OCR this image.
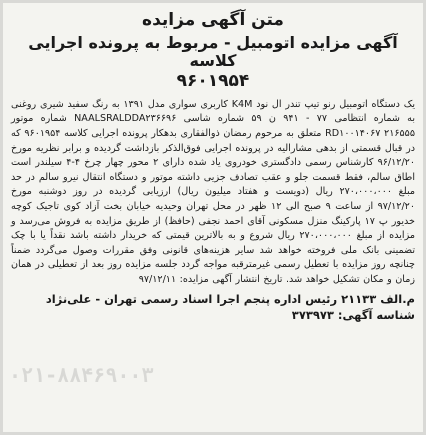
متن آگهی مزایده

آگهی مزایده اتومبیل - مربوط به پرونده اجرایی کلاسه

۹۶۰۱۹۵۴

یک دستگاه اتومبیل رنو تیپ تندر ال نود K4M کاربری سواری مدل ۱۳۹۱ به رنگ سفید شیری روغنی به شماره انتظامی ۷۷ - ۹۴۱ ن ۵۹ شماره شاسی NAALSRALDDA۲۳۶۶۹۶ شماره موتور RD۱۰۰۱۴۰۶۷ ۲۱۶۵۵۵ متعلق به مرحوم رمضان ذوالفقاری بدهکار پرونده اجرایی کلاسه ۹۶۰۱۹۵۴ که در قبال قسمتی از بدهی مشارالیه در پرونده اجرایی فوق‌الذکر بازداشت گردیده و برابر نظریه مورخ ۹۶/۱۲/۲۰ کارشناس رسمی دادگستری خودروی یاد شده دارای ۲ محور چهار چرخ ۴-۴ سیلندر است اطاق سالم، فقط قسمت جلو و عقب تصادف جزیی داشته موتور و دستگاه انتقال نیرو سالم در حد مبلغ ۲۷۰،۰۰۰،۰۰۰ ریال (دویست و هفتاد میلیون ریال) ارزیابی گردیده در روز دوشنبه مورخ ۹۷/۱۲/۲۰ از ساعت ۹ صبح الی ۱۲ ظهر در محل تهران وحیدیه خیابان بخت آزاد کوی تاجیک کوچه خدیور پ ۱۷ پارکینگ منزل مسکونی آقای احمد نجفی (حافظ) از طریق مزایده به فروش می‌رسد و مزایده از مبلغ ۲۷۰،۰۰۰،۰۰۰ ریال شروع و به بالاترین قیمتی که خریدار داشته باشد نقداً یا با چک تضمینی بانک ملی فروخته خواهد شد سایر هزینه‌های قانونی وفق مقررات وصول می‌گردد ضمناً چنانچه روز مزایده با تعطیل رسمی غیرمترقبه مواجه گردد جلسه مزایده روز بعد از تعطیلی در همان زمان و مکان تشکیل خواهد شد. تاریخ انتشار آگهی مزایده: ۹۷/۱۲/۱۱
م.الف ۲۱۱۳۳ رئیس اداره پنجم اجرا اسناد رسمی تهران - علی‌نژاد
شناسه آگهی: ۳۷۳۹۷۳
۰۲۱-۸۸۴۶۹۰۰۳
